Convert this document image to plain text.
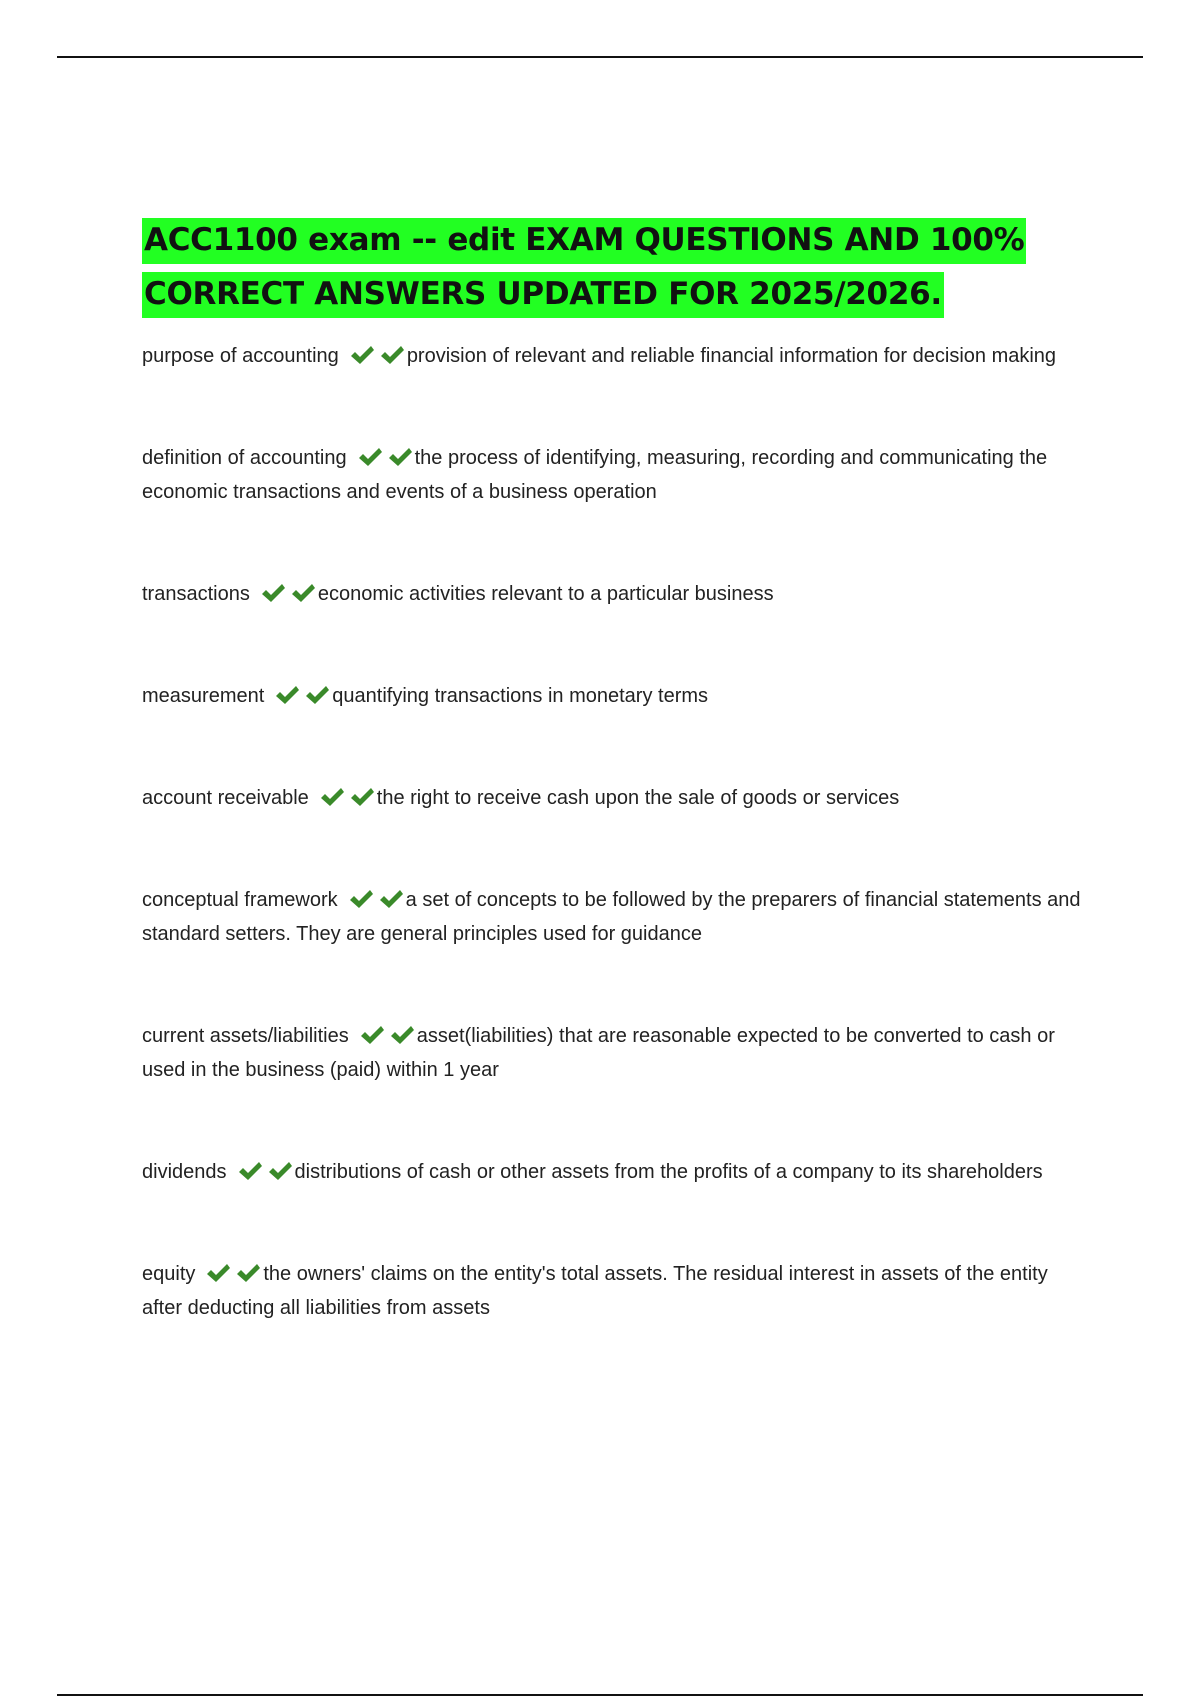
ACC1100 exam -- edit EXAM QUESTIONS AND 100%
CORRECT ANSWERS UPDATED FOR 2025/2026.

purpose of accounting	provision of relevant and reliable financial information for decision making

definition of accounting	the process of identifying, measuring, recording and communicating the economic transactions and events of a business operation

transactions	economic activities relevant to a particular business

measurement	quantifying transactions in monetary terms

account receivable	the right to receive cash upon the sale of goods or services

conceptual framework	a set of concepts to be followed by the preparers of financial statements and standard setters. They are general principles used for guidance

current assets/liabilities	asset(liabilities) that are reasonable expected to be converted to cash or used in the business (paid) within 1 year

dividends	distributions of cash or other assets from the profits of a company to its shareholders

equity	the owners' claims on the entity's total assets. The residual interest in assets of the entity after deducting all liabilities from assets
